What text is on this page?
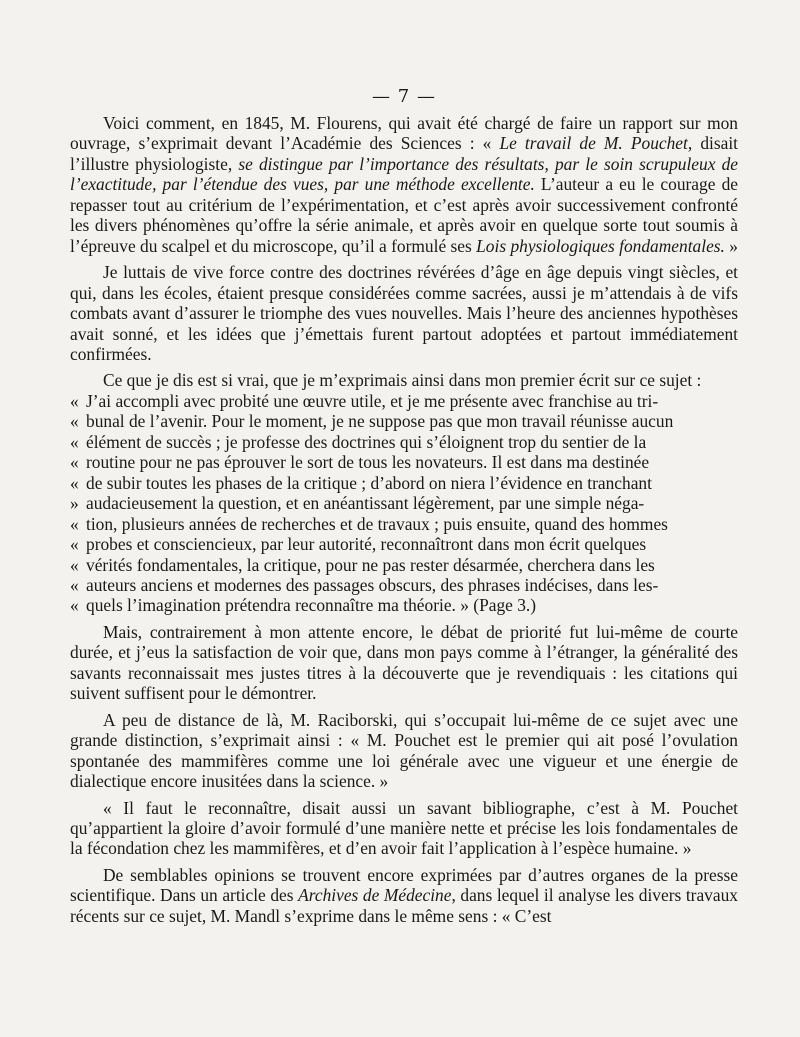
— 7 —

Voici comment, en 1845, M. Flourens, qui avait été chargé de faire un rapport sur mon ouvrage, s’exprimait devant l’Académie des Sciences : « Le travail de M. Pouchet, disait l’illustre physiologiste, se distingue par l’importance des résultats, par le soin scrupuleux de l’exactitude, par l’étendue des vues, par une méthode excellente. L’auteur a eu le courage de repasser tout au critérium de l’expérimentation, et c’est après avoir successivement confronté les divers phénomènes qu’offre la série animale, et après avoir en quelque sorte tout soumis à l’épreuve du scalpel et du microscope, qu’il a formulé ses Lois physiologiques fondamentales. »

Je luttais de vive force contre des doctrines révérées d’âge en âge depuis vingt siècles, et qui, dans les écoles, étaient presque considérées comme sacrées, aussi je m’attendais à de vifs combats avant d’assurer le triomphe des vues nouvelles. Mais l’heure des anciennes hypothèses avait sonné, et les idées que j’émettais furent partout adoptées et partout immédiatement confirmées.

Ce que je dis est si vrai, que je m’exprimais ainsi dans mon premier écrit sur ce sujet :

« J’ai accompli avec probité une œuvre utile, et je me présente avec franchise au tri-
« bunal de l’avenir. Pour le moment, je ne suppose pas que mon travail réunisse aucun
« élément de succès ; je professe des doctrines qui s’éloignent trop du sentier de la
« routine pour ne pas éprouver le sort de tous les novateurs. Il est dans ma destinée
« de subir toutes les phases de la critique ; d’abord on niera l’évidence en tranchant
» audacieusement la question, et en anéantissant légèrement, par une simple néga-
« tion, plusieurs années de recherches et de travaux ; puis ensuite, quand des hommes
« probes et consciencieux, par leur autorité, reconnaîtront dans mon écrit quelques
« vérités fondamentales, la critique, pour ne pas rester désarmée, cherchera dans les
« auteurs anciens et modernes des passages obscurs, des phrases indécises, dans les-
« quels l’imagination prétendra reconnaître ma théorie. » (Page 3.)

Mais, contrairement à mon attente encore, le débat de priorité fut lui-même de courte durée, et j’eus la satisfaction de voir que, dans mon pays comme à l’étranger, la généralité des savants reconnaissait mes justes titres à la découverte que je revendiquais : les citations qui suivent suffisent pour le démontrer.

A peu de distance de là, M. Raciborski, qui s’occupait lui-même de ce sujet avec une grande distinction, s’exprimait ainsi : « M. Pouchet est le premier qui ait posé l’ovulation spontanée des mammifères comme une loi générale avec une vigueur et une énergie de dialectique encore inusitées dans la science. »

« Il faut le reconnaître, disait aussi un savant bibliographe, c’est à M. Pouchet qu’appartient la gloire d’avoir formulé d’une manière nette et précise les lois fondamentales de la fécondation chez les mammifères, et d’en avoir fait l’application à l’espèce humaine. »

De semblables opinions se trouvent encore exprimées par d’autres organes de la presse scientifique. Dans un article des Archives de Médecine, dans lequel il analyse les divers travaux récents sur ce sujet, M. Mandl s’exprime dans le même sens : « C’est
